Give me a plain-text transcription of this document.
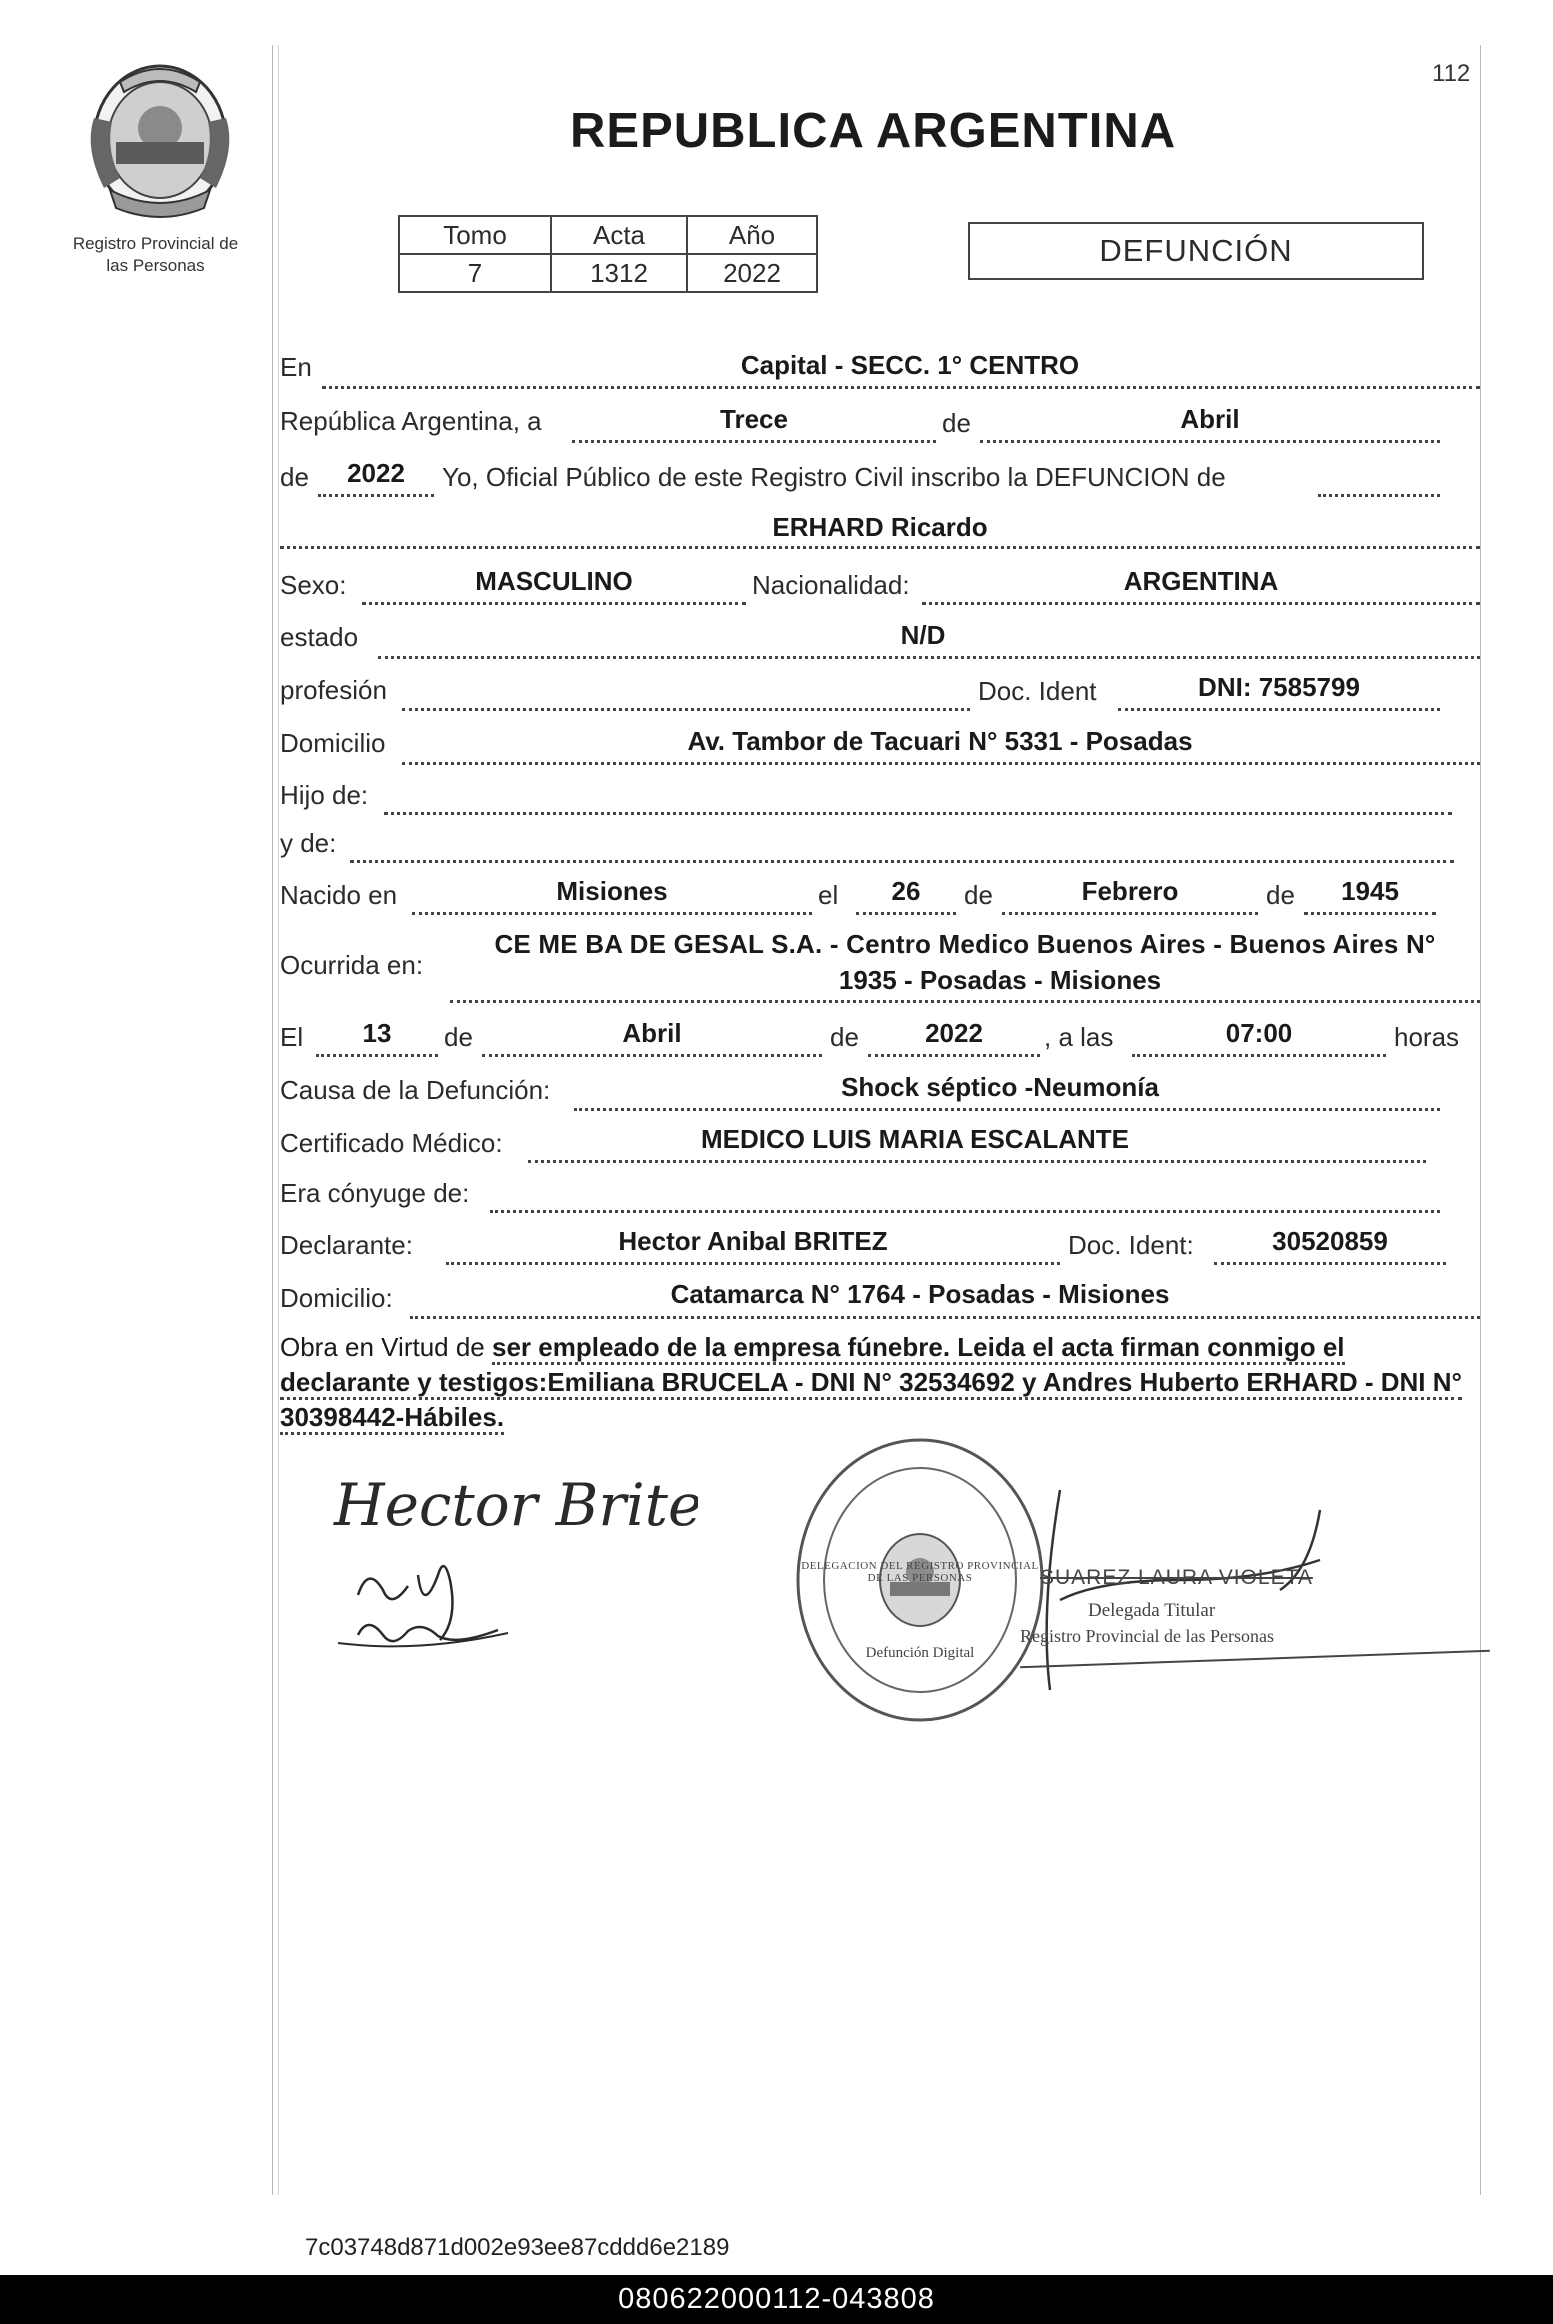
Registro Provincial de
las Personas
112
REPUBLICA ARGENTINA
Tomo	Acta	Año
7	1312	2022
DEFUNCIÓN
En	Capital - SECC. 1° CENTRO
República Argentina, a	Trece	de	Abril
de	2022	Yo, Oficial Público de este Registro Civil inscribo la DEFUNCION de
ERHARD Ricardo
Sexo:	MASCULINO	Nacionalidad:	ARGENTINA
estado	N/D
profesión	Doc. Ident	DNI: 7585799
Domicilio	Av. Tambor de Tacuari N° 5331 - Posadas
Hijo de:
y de:
Nacido en	Misiones	el	26	de	Febrero	de	1945
Ocurrida en:
CE ME BA DE GESAL S.A. - Centro Medico Buenos Aires - Buenos Aires N°
1935 - Posadas - Misiones
El	13	de	Abril	de	2022	, a las	07:00	horas
Causa de la Defunción:	Shock séptico -Neumonía
Certificado Médico:	MEDICO LUIS MARIA ESCALANTE
Era cónyuge de:
Declarante:	Hector Anibal BRITEZ	Doc. Ident:	30520859
Domicilio:	Catamarca N° 1764 - Posadas - Misiones
Obra en Virtud de ser empleado de la empresa fúnebre. Leida el acta firman conmigo el declarante y testigos:Emiliana BRUCELA - DNI N° 32534692 y Andres Huberto ERHARD - DNI N° 30398442-Hábiles.
Hector Britez
DELEGACION DEL REGISTRO PROVINCIAL DE LAS PERSONAS
Defunción Digital
SUAREZ LAURA VIOLETA
Delegada Titular
Registro Provincial de las Personas
7c03748d871d002e93ee87cddd6e2189
080622000112-043808
